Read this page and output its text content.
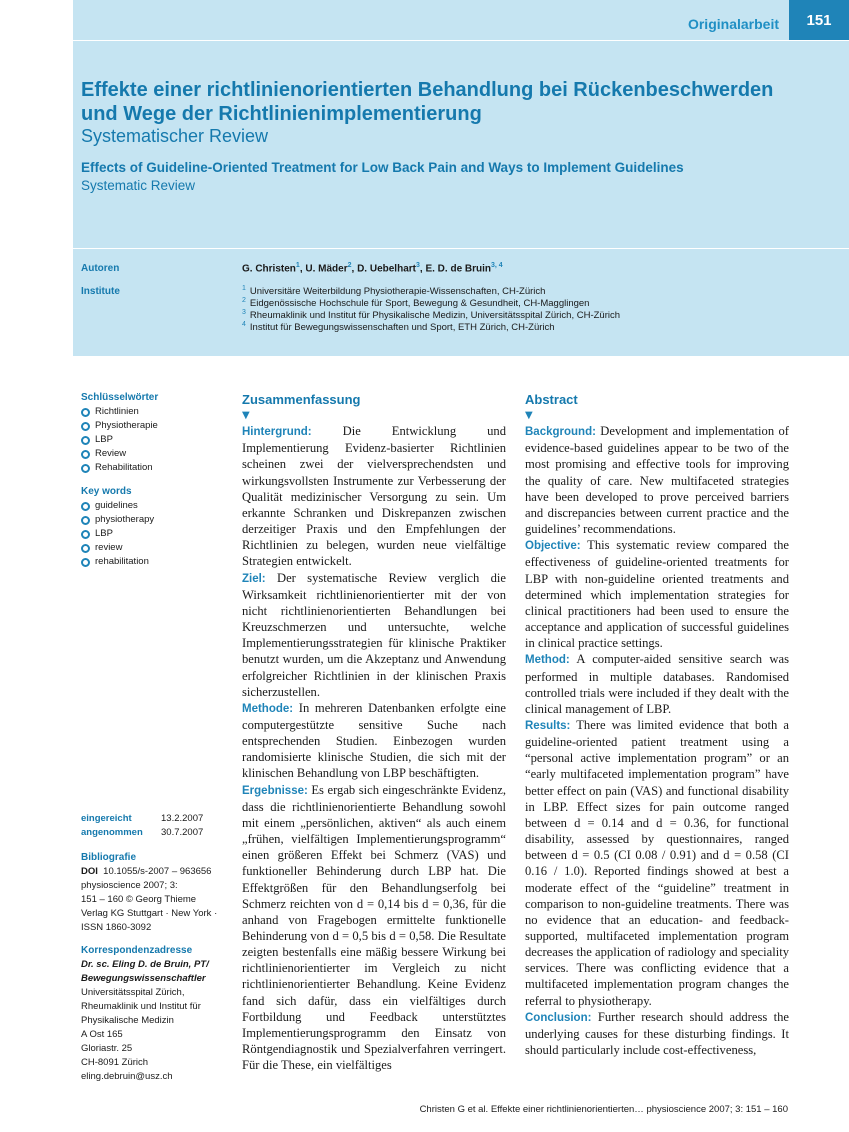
Originalarbeit	151
Effekte einer richtlinienorientierten Behandlung bei Rückenbeschwerden und Wege der Richtlinienimplementierung
Systematischer Review
Effects of Guideline-Oriented Treatment for Low Back Pain and Ways to Implement Guidelines
Systematic Review
Autoren
Institute
G. Christen$^1$, U. Mäder$^2$, D. Uebelhart$^3$, E. D. de Bruin$^{3, 4}$
$^1$ Universitäre Weiterbildung Physiotherapie-Wissenschaften, CH-Zürich
$^2$ Eidgenössische Hochschule für Sport, Bewegung & Gesundheit, CH-Magglingen
$^3$ Rheumaklinik und Institut für Physikalische Medizin, Universitätsspital Zürich, CH-Zürich
$^4$ Institut für Bewegungswissenschaften und Sport, ETH Zürich, CH-Zürich
Schlüsselwörter
Richtlinien
Physiotherapie
LBP
Review
Rehabilitation
Key words
guidelines
physiotherapy
LBP
review
rehabilitation
eingereicht	13.2.2007
angenommen 30.7.2007
Bibliografie
DOI 10.1055/s-2007 – 963656
physioscience 2007; 3:
151 – 160 © Georg Thieme
Verlag KG Stuttgart · New York ·
ISSN 1860-3092
Korrespondenzadresse
Dr. sc. Eling D. de Bruin, PT/
Bewegungswissenschaftler
Universitätsspital Zürich,
Rheumaklinik und Institut für
Physikalische Medizin
A Ost 165
Gloriastr. 25
CH-8091 Zürich
eling.debruin@usz.ch
Zusammenfassung
▼
Hintergrund: Die Entwicklung und Implementierung Evidenz-basierter Richtlinien scheinen zwei der vielversprechendsten und wirkungsvollsten Instrumente zur Verbesserung der Qualität medizinischer Versorgung zu sein. Um erkannte Schranken und Diskrepanzen zwischen derzeitiger Praxis und den Empfehlungen der Richtlinien zu belegen, wurden neue vielfältige Strategien entwickelt.
Ziel: Der systematische Review verglich die Wirksamkeit richtlinienorientierter mit der von nicht richtlinienorientierten Behandlungen bei Kreuzschmerzen und untersuchte, welche Implementierungsstrategien für klinische Praktiker benutzt wurden, um die Akzeptanz und Anwendung erfolgreicher Richtlinien in der klinischen Praxis sicherzustellen.
Methode: In mehreren Datenbanken erfolgte eine computergestützte sensitive Suche nach entsprechenden Studien. Einbezogen wurden randomisierte klinische Studien, die sich mit der klinischen Behandlung von LBP beschäftigten.
Ergebnisse: Es ergab sich eingeschränkte Evidenz, dass die richtlinienorientierte Behandlung sowohl mit einem „persönlichen, aktiven“ als auch einem „frühen, vielfältigen Implementierungsprogramm“ einen größeren Effekt bei Schmerz (VAS) und funktioneller Behinderung durch LBP hat. Die Effektgrößen für den Behandlungserfolg bei Schmerz reichten von d = 0,14 bis d = 0,36, für die anhand von Fragebogen ermittelte funktionelle Behinderung von d = 0,5 bis d = 0,58. Die Resultate zeigten bestenfalls eine mäßig bessere Wirkung bei richtlinienorientierter im Vergleich zu nicht richtlinienorientierter Behandlung. Keine Evidenz fand sich dafür, dass ein vielfältiges durch Fortbildung und Feedback unterstütztes Implementierungsprogramm den Einsatz von Röntgendiagnostik und Spezialverfahren verringert. Für die These, ein vielfältiges
Abstract
▼
Background: Development and implementation of evidence-based guidelines appear to be two of the most promising and effective tools for improving the quality of care. New multifaceted strategies have been developed to prove perceived barriers and discrepancies between current practice and the guidelines’ recommendations.
Objective: This systematic review compared the effectiveness of guideline-oriented treatments for LBP with non-guideline oriented treatments and determined which implementation strategies for clinical practitioners had been used to ensure the acceptance and application of successful guidelines in clinical practice settings.
Method: A computer-aided sensitive search was performed in multiple databases. Randomised controlled trials were included if they dealt with the clinical management of LBP.
Results: There was limited evidence that both a guideline-oriented patient treatment using a “personal active implementation program” or an “early multifaceted implementation program” have better effect on pain (VAS) and functional disability in LBP. Effect sizes for pain outcome ranged between d = 0.14 and d = 0.36, for functional disability, assessed by questionnaires, ranged between d = 0.5 (CI 0.08 / 0.91) and d = 0.58 (CI 0.16 / 1.0). Reported findings showed at best a moderate effect of the “guideline” treatment in comparison to non-guideline treatments. There was no evidence that an education- and feedback-supported, multifaceted implementation program decreases the application of radiology and speciality services. There was conflicting evidence that a multifaceted implementation program changes the referral to physiotherapy.
Conclusion: Further research should address the underlying causes for these disturbing findings. It should particularly include cost-effectiveness,
Christen G et al. Effekte einer richtlinienorientierten… physioscience 2007; 3: 151 – 160
